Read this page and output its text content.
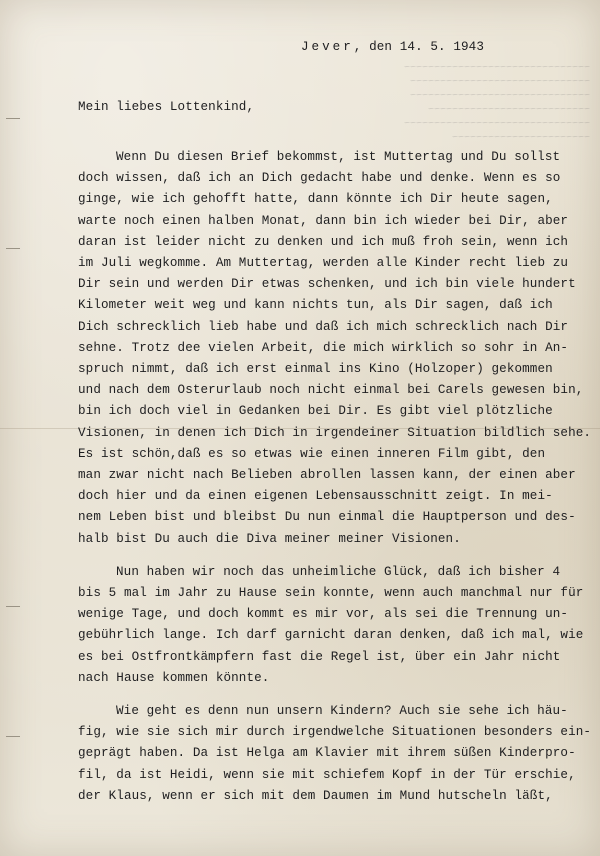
~~~~~~~~~~~~~~~~~~~~~~~~~~~~~~~
~~~~~~~~~~~~~~~~~~~~~~~~~~~~~~
~~~~~~~~~~~~~~~~~~~~~~~~~~~~~~
~~~~~~~~~~~~~~~~~~~~~~~~~~~
~~~~~~~~~~~~~~~~~~~~~~~~~~~~~~~
~~~~~~~~~~~~~~~~~~~~~~~
Jever, den 14. 5. 1943
Mein liebes Lottenkind,
Wenn Du diesen Brief bekommst, ist Muttertag und Du sollst
doch wissen, daß ich an Dich gedacht habe und denke. Wenn es so
ginge, wie ich gehofft hatte, dann könnte ich Dir heute sagen,
warte noch einen halben Monat, dann bin ich wieder bei Dir, aber
daran ist leider nicht zu denken und ich muß froh sein, wenn ich
im Juli wegkomme. Am Muttertag, werden alle Kinder recht lieb zu
Dir sein und werden Dir etwas schenken, und ich bin viele hundert
Kilometer weit weg und kann nichts tun, als Dir sagen, daß ich
Dich schrecklich lieb habe und daß ich mich schrecklich nach Dir
sehne. Trotz dee vielen Arbeit, die mich wirklich so sohr in An-
spruch nimmt, daß ich erst einmal ins Kino (Holzoper) gekommen
und nach dem Osterurlaub noch nicht einmal bei Carels gewesen bin,
bin ich doch viel in Gedanken bei Dir. Es gibt viel plötzliche
Visionen, in denen ich Dich in irgendeiner Situation bildlich sehe.
Es ist schön,daß es so etwas wie einen inneren Film gibt, den
man zwar nicht nach Belieben abrollen lassen kann, der einen aber
doch hier und da einen eigenen Lebensausschnitt zeigt. In mei-
nem Leben bist und bleibst Du nun einmal die Hauptperson und des-
halb bist Du auch die Diva meiner meiner Visionen.
Nun haben wir noch das unheimliche Glück, daß ich bisher 4
bis 5 mal im Jahr zu Hause sein konnte, wenn auch manchmal nur für
wenige Tage, und doch kommt es mir vor, als sei die Trennung un-
gebührlich lange. Ich darf garnicht daran denken, daß ich mal, wie
es bei Ostfrontkämpfern fast die Regel ist, über ein Jahr nicht
nach Hause kommen könnte.
Wie geht es denn nun unsern Kindern? Auch sie sehe ich häu-
fig, wie sie sich mir durch irgendwelche Situationen besonders ein-
geprägt haben. Da ist Helga am Klavier mit ihrem süßen Kinderpro-
fil, da ist Heidi, wenn sie mit schiefem Kopf in der Tür erschie,
der Klaus, wenn er sich mit dem Daumen im Mund hutscheln läßt,
